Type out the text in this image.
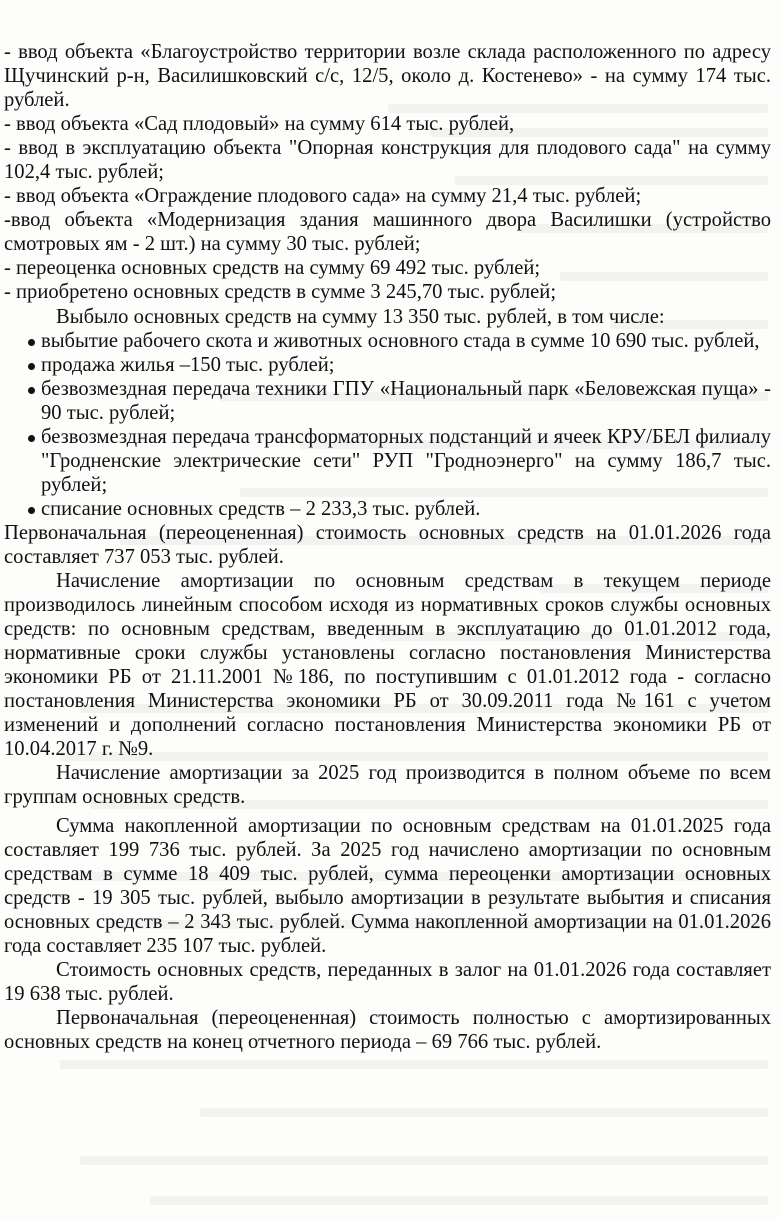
- ввод объекта «Благоустройство территории возле склада расположенного по адресу Щучинский р-н, Василишковский с/с, 12/5, около д. Костенево» - на сумму 174 тыс. рублей.

- ввод объекта «Сад плодовый» на сумму 614 тыс. рублей,

- ввод в эксплуатацию объекта "Опорная конструкция для плодового сада" на сумму 102,4 тыс. рублей;

- ввод объекта «Ограждение плодового сада» на сумму 21,4 тыс. рублей;

-ввод объекта «Модернизация здания машинного двора Василишки (устройство смотровых ям - 2 шт.) на сумму 30 тыс. рублей;

- переоценка основных средств на сумму 69 492 тыс. рублей;

- приобретено основных средств в сумме 3 245,70 тыс. рублей;

Выбыло основных средств на сумму 13 350 тыс. рублей, в том числе:

выбытие рабочего скота и животных основного стада в сумме 10 690 тыс. рублей,
продажа жилья –150 тыс. рублей;
безвозмездная передача техники ГПУ «Национальный парк «Беловежская пуща» - 90 тыс. рублей;
безвозмездная передача трансформаторных подстанций и ячеек КРУ/БЕЛ филиалу "Гродненские электрические сети" РУП "Гродноэнерго" на сумму 186,7 тыс. рублей;
списание основных средств – 2 233,3 тыс. рублей.

Первоначальная (переоцененная) стоимость основных средств на 01.01.2026 года составляет 737 053 тыс. рублей.

Начисление амортизации по основным средствам в текущем периоде производилось линейным способом исходя из нормативных сроков службы основных средств: по основным средствам, введенным в эксплуатацию до 01.01.2012 года, нормативные сроки службы установлены согласно постановления Министерства экономики РБ от 21.11.2001 №186, по поступившим с 01.01.2012 года - согласно постановления Министерства экономики РБ от 30.09.2011 года №161 с учетом изменений и дополнений согласно постановления Министерства экономики РБ от 10.04.2017 г. №9.

Начисление амортизации за 2025 год производится в полном объеме по всем группам основных средств.

Сумма накопленной амортизации по основным средствам на 01.01.2025 года составляет 199 736 тыс. рублей. За 2025 год начислено амортизации по основным средствам в сумме 18 409 тыс. рублей, сумма переоценки амортизации основных средств - 19 305 тыс. рублей, выбыло амортизации в результате выбытия и списания основных средств – 2 343 тыс. рублей. Сумма накопленной амортизации на 01.01.2026 года составляет 235 107 тыс. рублей.

Стоимость основных средств, переданных в залог на 01.01.2026 года составляет 19 638 тыс. рублей.

Первоначальная (переоцененная) стоимость полностью с амортизированных основных средств на конец отчетного периода – 69 766 тыс. рублей.
